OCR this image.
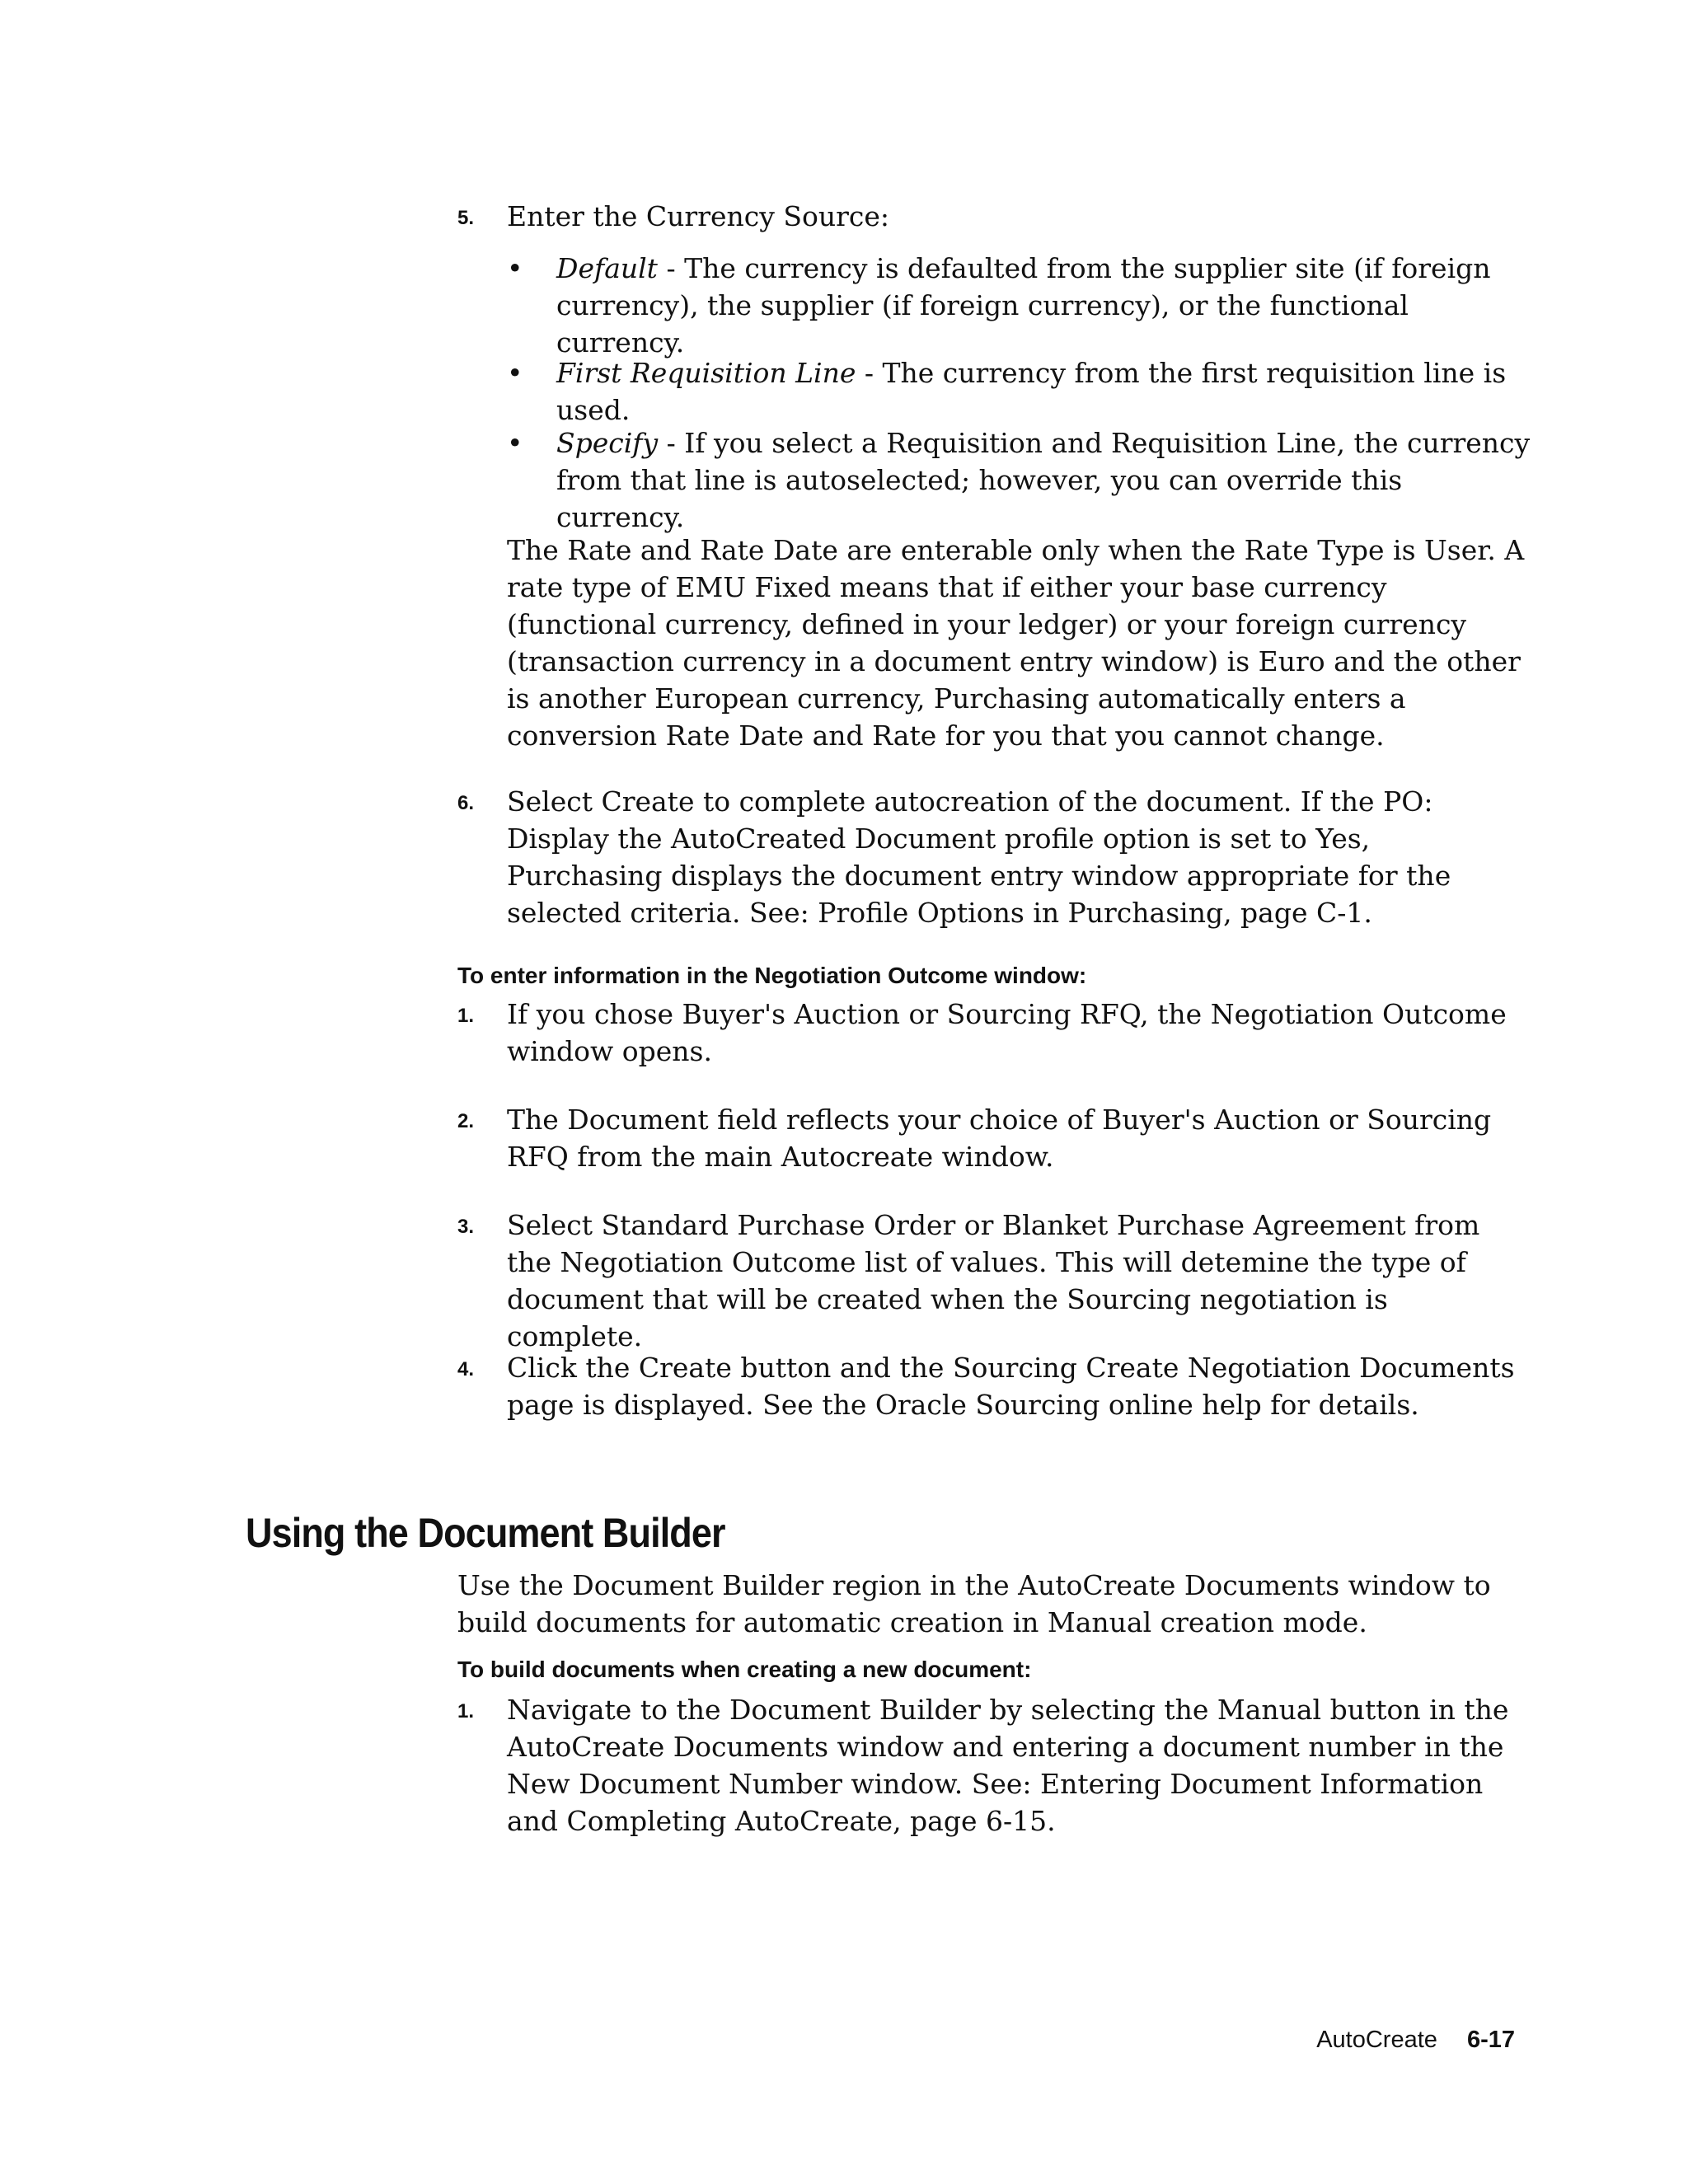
5.	Enter the Currency Source:

• Default - The currency is defaulted from the supplier site (if foreign currency), the supplier (if foreign currency), or the functional currency.

• First Requisition Line - The currency from the first requisition line is used.

• Specify - If you select a Requisition and Requisition Line, the currency from that line is autoselected; however, you can override this currency.

The Rate and Rate Date are enterable only when the Rate Type is User. A rate type of EMU Fixed means that if either your base currency (functional currency, defined in your ledger) or your foreign currency (transaction currency in a document entry window) is Euro and the other is another European currency, Purchasing automatically enters a conversion Rate Date and Rate for you that you cannot change.

6.	Select Create to complete autocreation of the document. If the PO: Display the AutoCreated Document profile option is set to Yes, Purchasing displays the document entry window appropriate for the selected criteria. See: Profile Options in Purchasing, page C-1.

To enter information in the Negotiation Outcome window:

1.	If you chose Buyer's Auction or Sourcing RFQ, the Negotiation Outcome window opens.

2.	The Document field reflects your choice of Buyer's Auction or Sourcing RFQ from the main Autocreate window.

3.	Select Standard Purchase Order or Blanket Purchase Agreement from the Negotiation Outcome list of values. This will detemine the type of document that will be created when the Sourcing negotiation is complete.

4.	Click the Create button and the Sourcing Create Negotiation Documents page is displayed. See the Oracle Sourcing online help for details.

Using the Document Builder

Use the Document Builder region in the AutoCreate Documents window to build documents for automatic creation in Manual creation mode.

To build documents when creating a new document:

1.	Navigate to the Document Builder by selecting the Manual button in the AutoCreate Documents window and entering a document number in the New Document Number window. See: Entering Document Information and Completing AutoCreate, page 6-15.

AutoCreate 6-17
